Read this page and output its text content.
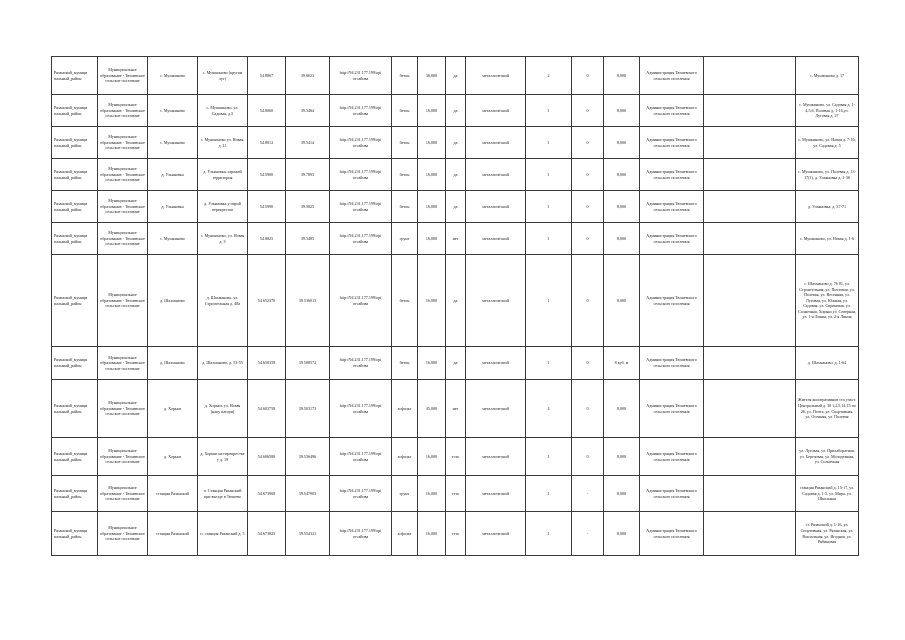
Рязанский_муници пальный_район	Муниципальное образование - Тюшевское сельское поселение	с. Мушкиново	с. Мушкиново (кругом луг)	54.8067	39.6023	http://94.231.177.199/opi отсайова	бетон	36,000	да	металлический	2	0	8,000	Администрация Тюшевского сельского поселения		с. Мушкиново д. 17
Рязанский_муници пальный_район	Муниципальное образование - Тюшевское сельское поселение	с. Мушкиново	с. Мушкиново, ул. Садовая, д.5	54.8060	39.5464	http://94.231.177.199/opi отсайова	бетон	16,000	да	металлический	1	0	8,000	Администрация Тюшевского сельского поселения		с. Мушкиново, ул. Садовая д. 1-4,5,6, Полевая д. 1-16,ул. Луговая д. 27
Рязанский_муници пальный_район	Муниципальное образование - Тюшевское сельское поселение	с. Мушкиново	с. Мушкиново ул. Новая, д. 11	54.8012	39.5414	http://94.231.177.199/opi отсайова	бетон	16,000	да	металлический	1	0	8,000	Администрация Тюшевского сельского поселения		с. Мушкиново, ул. Новая д. 7-16; ул. Садовая д. 5
Рязанский_муници пальный_район	Муниципальное образование - Тюшевское сельское поселение	д. Ульяновка	д. Ульяновка, гаражей территория	54.5900	39.7893	http://94.231.177.199/opi отсайова	бетон	16,000	да	металлический	1	0	8,000	Администрация Тюшевского сельского поселения		с. Мушкиново, ул. Полевая д. 13-17(1), д. Ульяновка д. 1-36
Рязанский_муници пальный_район	Муниципальное образование - Тюшевское сельское поселение	д. Ульяновка	д. Ульяновка у парой перекресток	54.5990	39.5825	http://94.231.177.199/opi отсайова	бетон	16,000	да	металлический	1	0	8,000	Администрация Тюшевского сельского поселения		д. Ульяновка, д. 37-71
Рязанский_муници пальный_район	Муниципальное образование - Тюшевское сельское поселение	с. Мушкиново	с. Мушкиново, ул. Новая д. 3	54.8025	39.5485	http://94.231.177.199/opi отсайова	грунт	16,000	нет	металлический	1	0	8,000	Администрация Тюшевского сельского поселения		с. Мушкиново, ул. Новая д. 1-6
Рязанский_муници пальный_район	Муниципальное образование - Тюшевское сельское поселение	д. Шахманово	д. Шахманово, ул. Строительная д. 48а	54.652370	39.536013	http://94.231.177.199/opi отсайова	бетон	16,000	да	металлический	1	0	8,000	Администрация Тюшевского сельского поселения		с. Шахманово д. 76 81, ул. Строительная, ул. Почтовая, ул. Полевая, ул. Весенняя, ул. Луговая, ул. Южная, ул. Садовая, ул. Сиреневая, ул. Солнечная, Хорьки ул. Северная, ул. 1-я Линия, ул. 2-я Линия
Рязанский_муници пальный_район	Муниципальное образование - Тюшевское сельское поселение	д. Шахманово	д. Шахманово, д. 53-55	54.650358	39.508572	http://94.231.177.199/opi отсайова	бетон	16,000	да	металлический	1	0	8 куб. м	Администрация Тюшевского сельского поселения		д. Шахманово, д. 1-64
Рязанский_муници пальный_район	Муниципальное образование - Тюшевское сельское поселение	д. Хорьки	д. Хорьки, ул. Новая (напу катори)	54.603758	39.503173	http://94.231.177.199/opi отсайова	асфальт	45,000	нет	металлический	4	0	8,000	Администрация Тюшевского сельского поселения		Жителя кооперативнов ста участ. Центральный д. 30 1,2,5,14,15 по 26, ул. Почта, ул. Спортивная, ул. Осенняя, ул. Полевая
Рязанский_муници пальный_район	Муниципальное образование - Тюшевское сельское поселение	д. Хорьки	д. Хорьки на перекрестке у д. 19	54.606580	39.536496	http://94.231.177.199/opi отсайова	асфальт	16,000	есть	металлический	1	0	8,000	Администрация Тюшевского сельского поселения		ул. Луговая, ул. Прилаборатная, ул. Березовая, ул. Молодежная, ул. Солнечная
Рязанский_муници пальный_район	Муниципальное образование - Тюшевское сельское поселение	станция Рязанский	п. Станция Рязанский при въезде в Тюшево	54.673968	39.547903	http://94.231.177.199/opi отсайова	грунт	16,000	есть	металлический	1	-	8,000	Администрация Тюшевского сельского поселения		станция Рязанский д. 15-17, ул. Садовая д. 1-5, ул. Мира, ул. Школьная
Рязанский_муници пальный_район	Муниципальное образование - Тюшевское сельское поселение	станция Рязанский	п. станция Рязанский д. 5	54.673825	39.554321	http://94.231.177.199/opi отсайова	асфальт	16,000	есть	металлический	1	-	8,000	Администрация Тюшевского сельского поселения		ст. Рязанский д. 1-16, ул. Спортивная, ул. Рязанская, ул. Вокзальная, ул. Ягодная, ул. Рябиновая
